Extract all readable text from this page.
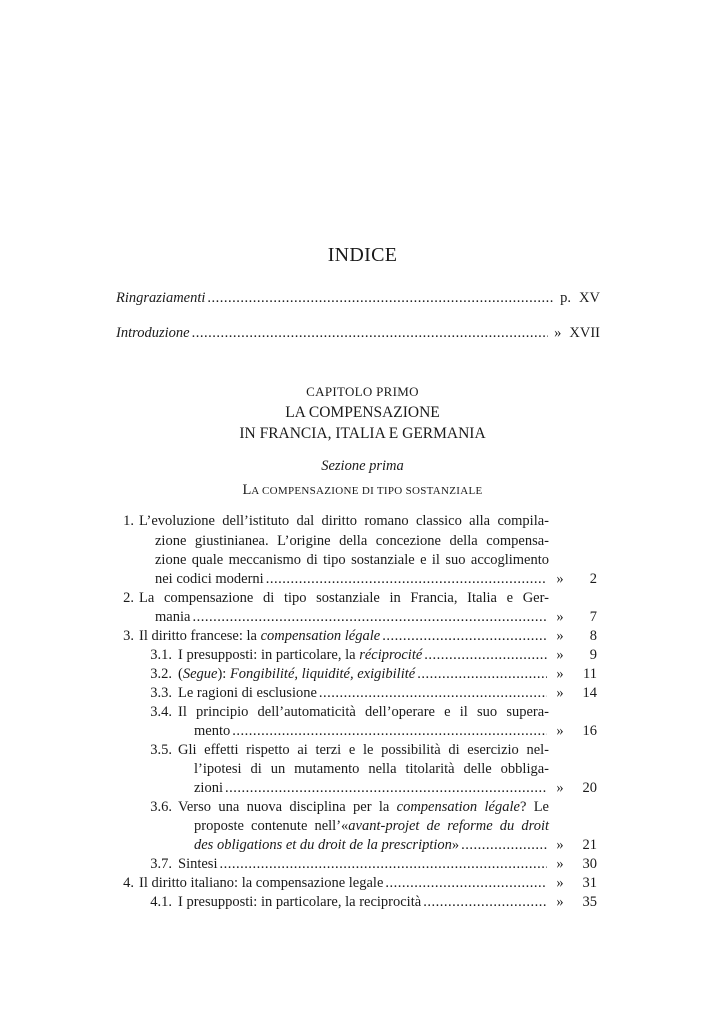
INDICE
Ringraziamenti .....	p. XV
Introduzione .....	» XVII
CAPITOLO PRIMO
LA COMPENSAZIONE
IN FRANCIA, ITALIA E GERMANIA
Sezione prima
LA COMPENSAZIONE DI TIPO SOSTANZIALE
1. L’evoluzione dell’istituto dal diritto romano classico alla compila-
zione giustinianea. L’origine della concezione della compensa-
zione quale meccanismo di tipo sostanziale e il suo accoglimento
nei codici moderni .....	»	2
2. La compensazione di tipo sostanziale in Francia, Italia e Ger-
mania .....	»	7
3. Il diritto francese: la compensation légale .....	»	8
3.1. I presupposti: in particolare, la réciprocité .....	»	9
3.2. ( Segue ): Fongibilité, liquidité, exigibilité .....	»	11
3.3. Le ragioni di esclusione .....	»	14
3.4. Il principio dell’automaticità dell’operare e il suo supera-
mento .....	»	16
3.5. Gli effetti rispetto ai terzi e le possibilità di esercizio nel-
l’ipotesi di un mutamento nella titolarità delle obbliga-
zioni .....	»	20
3.6. Verso una nuova disciplina per la compensation légale? Le
proposte contenute nell’«avant-projet de reforme du droit
des obligations et du droit de la prescription » .....	»	21
3.7. Sintesi .....	»	30
4. Il diritto italiano: la compensazione legale .....	»	31
4.1. I presupposti: in particolare, la reciprocità .....	»	35
